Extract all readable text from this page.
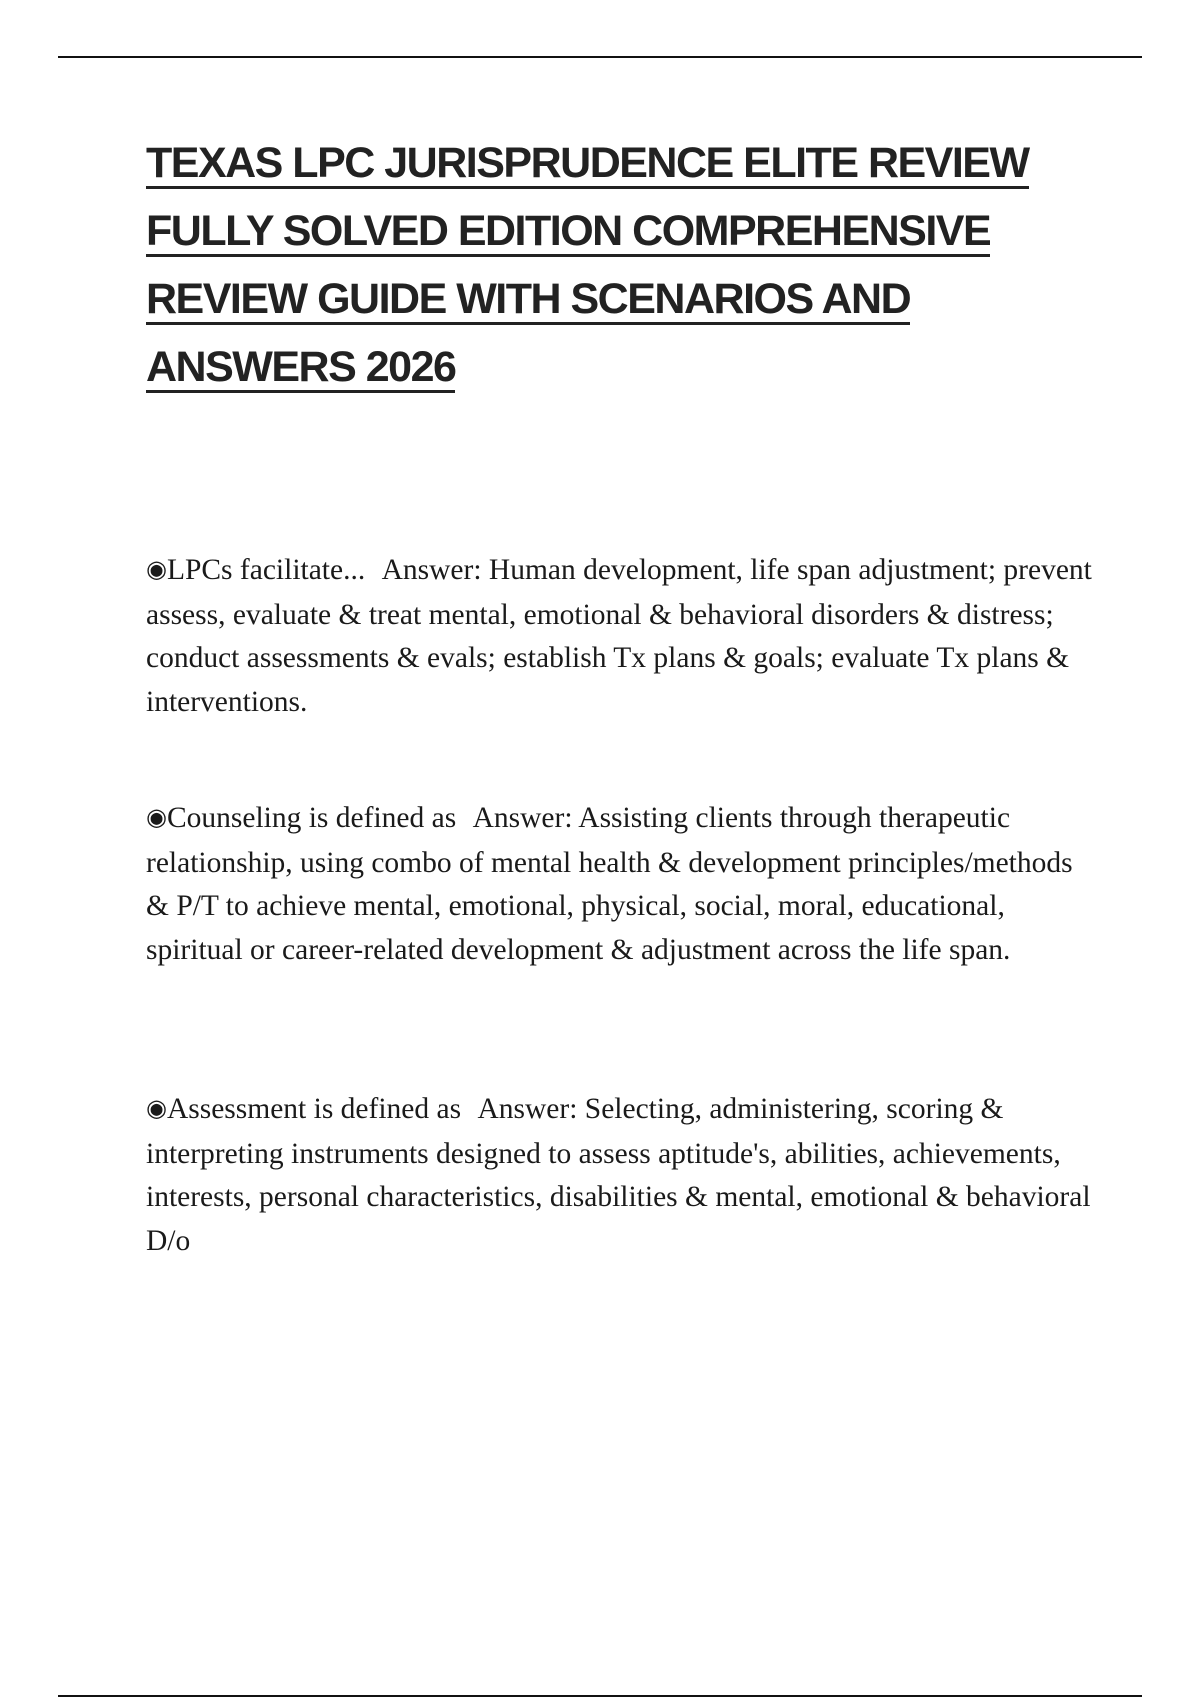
TEXAS LPC JURISPRUDENCE ELITE REVIEW
FULLY SOLVED EDITION COMPREHENSIVE
REVIEW GUIDE WITH SCENARIOS AND
ANSWERS 2026
◉LPCs facilitate... Answer: Human development, life span adjustment; prevent assess, evaluate & treat mental, emotional & behavioral disorders & distress; conduct assessments & evals; establish Tx plans & goals; evaluate Tx plans & interventions.
◉Counseling is defined as Answer: Assisting clients through therapeutic relationship, using combo of mental health & development principles/methods & P/T to achieve mental, emotional, physical, social, moral, educational, spiritual or career-related development & adjustment across the life span.
◉Assessment is defined as Answer: Selecting, administering, scoring & interpreting instruments designed to assess aptitude's, abilities, achievements, interests, personal characteristics, disabilities & mental, emotional & behavioral D/o
